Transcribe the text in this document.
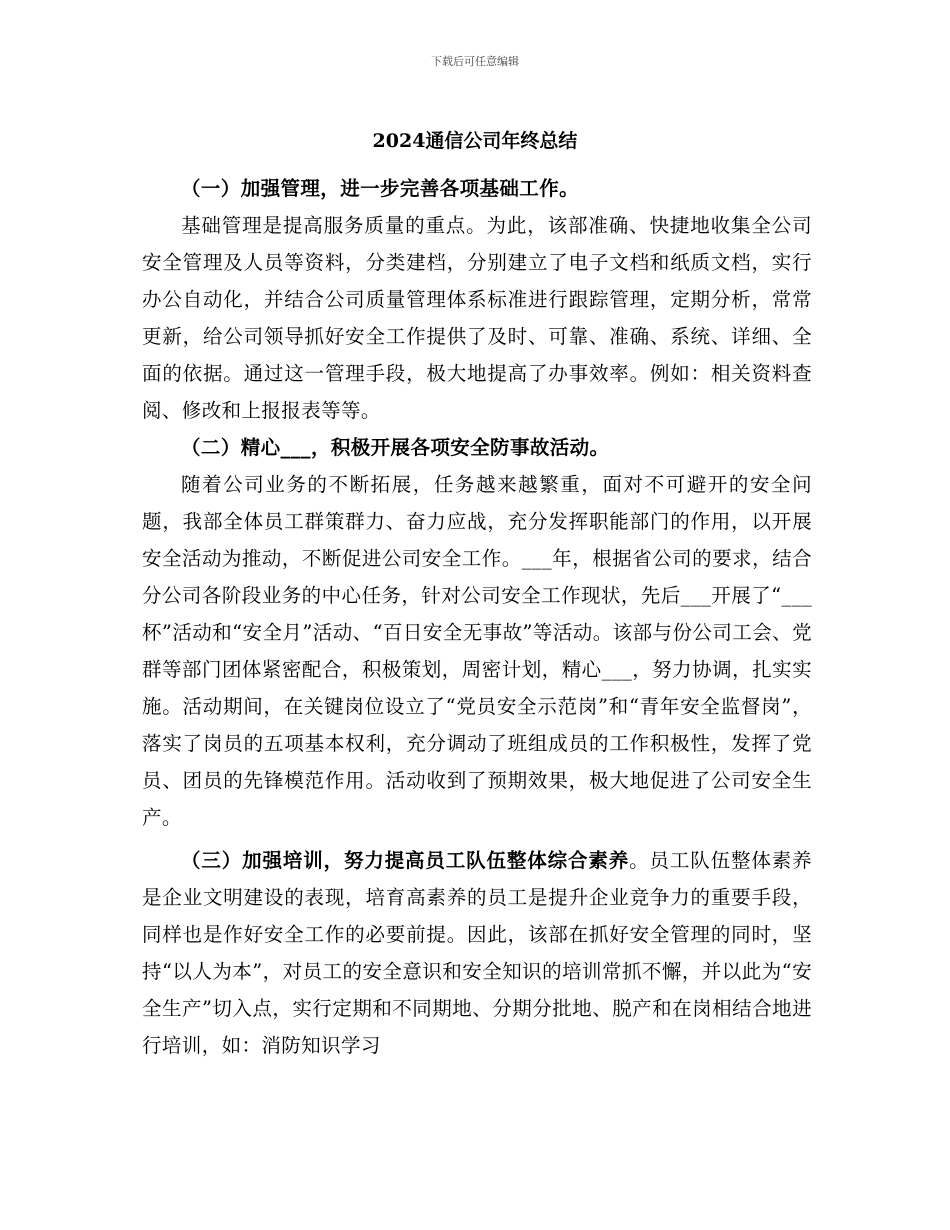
下载后可任意编辑
2024通信公司年终总结

（一）加强管理，进一步完善各项基础工作。

基础管理是提高服务质量的重点。为此，该部准确、快捷地收集全公司安全管理及人员等资料，分类建档，分别建立了电子文档和纸质文档，实行办公自动化，并结合公司质量管理体系标准进行跟踪管理，定期分析，常常更新，给公司领导抓好安全工作提供了及时、可靠、准确、系统、详细、全面的依据。通过这一管理手段，极大地提高了办事效率。例如：相关资料查阅、修改和上报报表等等。

（二）精心___，积极开展各项安全防事故活动。

随着公司业务的不断拓展，任务越来越繁重，面对不可避开的安全问题，我部全体员工群策群力、奋力应战，充分发挥职能部门的作用，以开展安全活动为推动，不断促进公司安全工作。___年，根据省公司的要求，结合分公司各阶段业务的中心任务，针对公司安全工作现状，先后___开展了“___杯”活动和“安全月”活动、“百日安全无事故”等活动。该部与份公司工会、党群等部门团体紧密配合，积极策划，周密计划，精心___，努力协调，扎实实施。活动期间，在关键岗位设立了“党员安全示范岗”和“青年安全监督岗”，落实了岗员的五项基本权利，充分调动了班组成员的工作积极性，发挥了党员、团员的先锋模范作用。活动收到了预期效果，极大地促进了公司安全生产。

（三）加强培训，努力提高员工队伍整体综合素养。员工队伍整体素养是企业文明建设的表现，培育高素养的员工是提升企业竞争力的重要手段，同样也是作好安全工作的必要前提。因此，该部在抓好安全管理的同时，坚持“以人为本”，对员工的安全意识和安全知识的培训常抓不懈，并以此为“安全生产”切入点，实行定期和不同期地、分期分批地、脱产和在岗相结合地进行培训，如：消防知识学习
